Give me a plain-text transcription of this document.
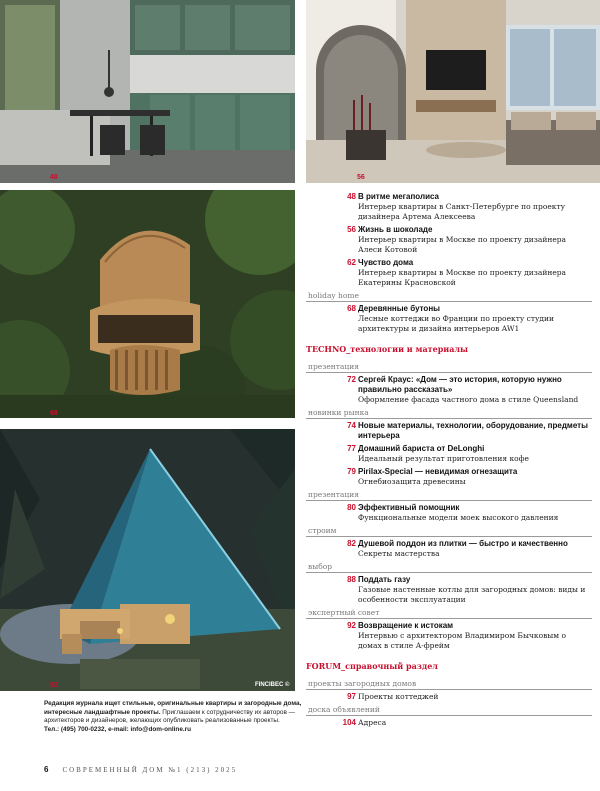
48	56
68
92	FINCIBEC ©
48 В ритме мегаполиса
Интерьер квартиры в Санкт-Петербурге по проекту дизайнера Артема Алексеева
56 Жизнь в шоколаде
Интерьер квартиры в Москве по проекту дизайнера Алеси Котовой
62 Чувство дома
Интерьер квартиры в Москве по проекту дизайнера Екатерины Красновской
holiday home
68 Деревянные бутоны
Лесные коттеджи во Франции по проекту студии архитектуры и дизайна интерьеров AW1
TECHNO_технологии и материалы
презентация
72 Сергей Краус: «Дом — это история, которую нужно правильно рассказать»
Оформление фасада частного дома в стиле Queensland
новинки рынка
74 Новые материалы, технологии, оборудование, предметы интерьера
77 Домашний бариста от DeLonghi
Идеальный результат приготовления кофе
79 Pirilax-Special — невидимая огнезащита
Огнебиозащита древесины
презентация
80 Эффективный помощник
Функциональные модели моек высокого давления
строим
82 Душевой поддон из плитки — быстро и качественно
Секреты мастерства
выбор
88 Поддать газу
Газовые настенные котлы для загородных домов: виды и особенности эксплуатации
экспертный совет
92 Возвращение к истокам
Интервью с архитектором Владимиром Бычковым о домах в стиле А-фрейм
FORUM_справочный раздел
проекты загородных домов
97 Проекты коттеджей
доска объявлений
104 Адреса
Редакция журнала ищет стильные, оригинальные квартиры и загородные дома, интересные ландшафтные проекты. Приглашаем к сотрудничеству их авторов — архитекторов и дизайнеров, желающих опубликовать реализованные проекты.
Тел.: (495) 700-0232, e-mail: info@dom-online.ru
6 СОВРЕМЕННЫЙ ДОМ №1 (213) 2025
